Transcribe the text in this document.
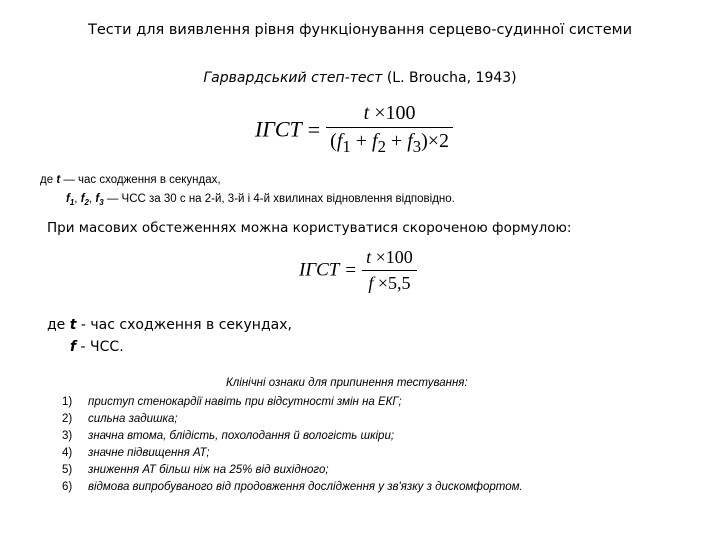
Тести для виявлення рівня функціонування серцево-судинної системи
Гарвардський степ-тест (L. Broucha, 1943)
ІГСТ = $\frac{t \times 100}{(f_1 + f_2 + f_3)\times 2}$
де t — час сходження в секундах,
$f_1$, $f_2$, $f_3$ — ЧСС за 30 с на 2-й, 3-й і 4-й хвилинах відновлення відповідно.
При масових обстеженнях можна користуватися скороченою формулою:
ІГСТ = $\frac{t \times 100}{f \times 5,5}$
де t - час сходження в секундах,
f - ЧСС.
Клінічні ознаки для припинення тестування:
1) приступ стенокардії навіть при відсутності змін на ЕКГ;
2) сильна задишка;
3) значна втома, блідість, похолодання й вологість шкіри;
4) значне підвищення АТ;
5) зниження АТ більш ніж на 25% від вихідного;
6) відмова випробуваного від продовження дослідження у зв'язку з дискомфортом.
